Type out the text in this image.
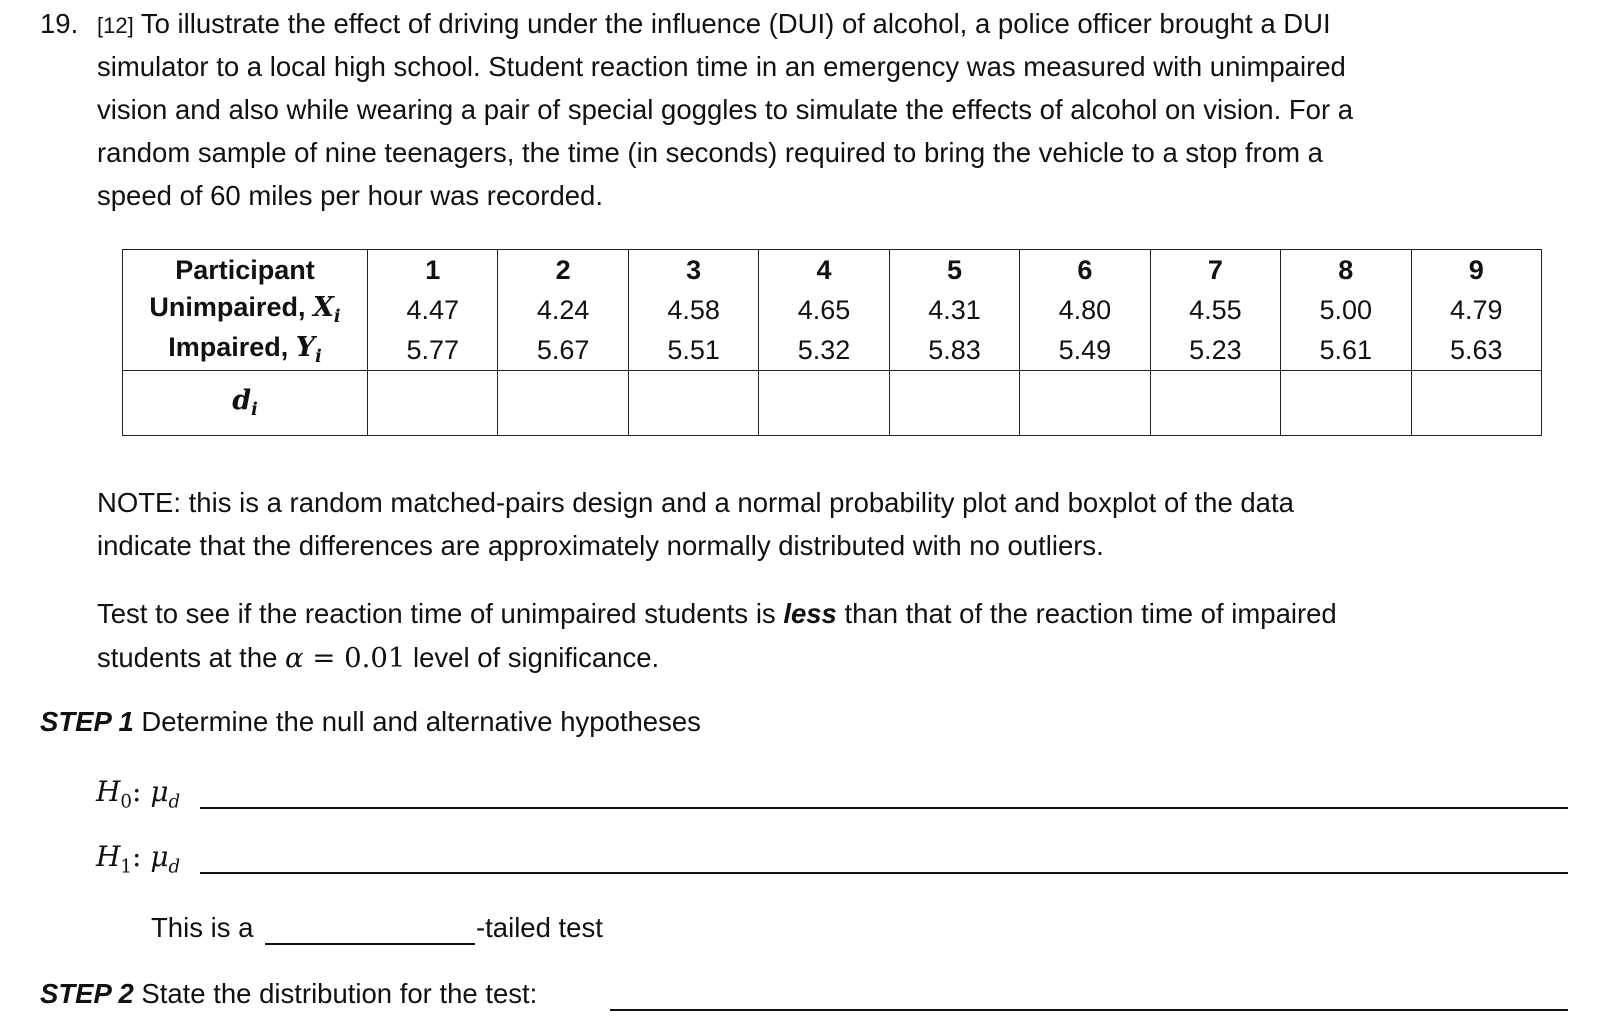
19. [12] To illustrate the effect of driving under the influence (DUI) of alcohol, a police officer brought a DUI
simulator to a local high school. Student reaction time in an emergency was measured with unimpaired
vision and also while wearing a pair of special goggles to simulate the effects of alcohol on vision. For a
random sample of nine teenagers, the time (in seconds) required to bring the vehicle to a stop from a
speed of 60 miles per hour was recorded.
Participant	1	2	3	4	5	6	7	8	9
Unimpaired, $X_i$	4.47	4.24	4.58	4.65	4.31	4.80	4.55	5.00	4.79
Impaired, $Y_i$	5.77	5.67	5.51	5.32	5.83	5.49	5.23	5.61	5.63
$d_i$									
NOTE: this is a random matched-pairs design and a normal probability plot and boxplot of the data
indicate that the differences are approximately normally distributed with no outliers.
Test to see if the reaction time of unimpaired students is less than that of the reaction time of impaired
students at the α = 0.01 level of significance.
STEP 1 Determine the null and alternative hypotheses
$H_0$: $\mu_d$
$H_1$: $\mu_d$
This is a	-tailed test
STEP 2 State the distribution for the test:
